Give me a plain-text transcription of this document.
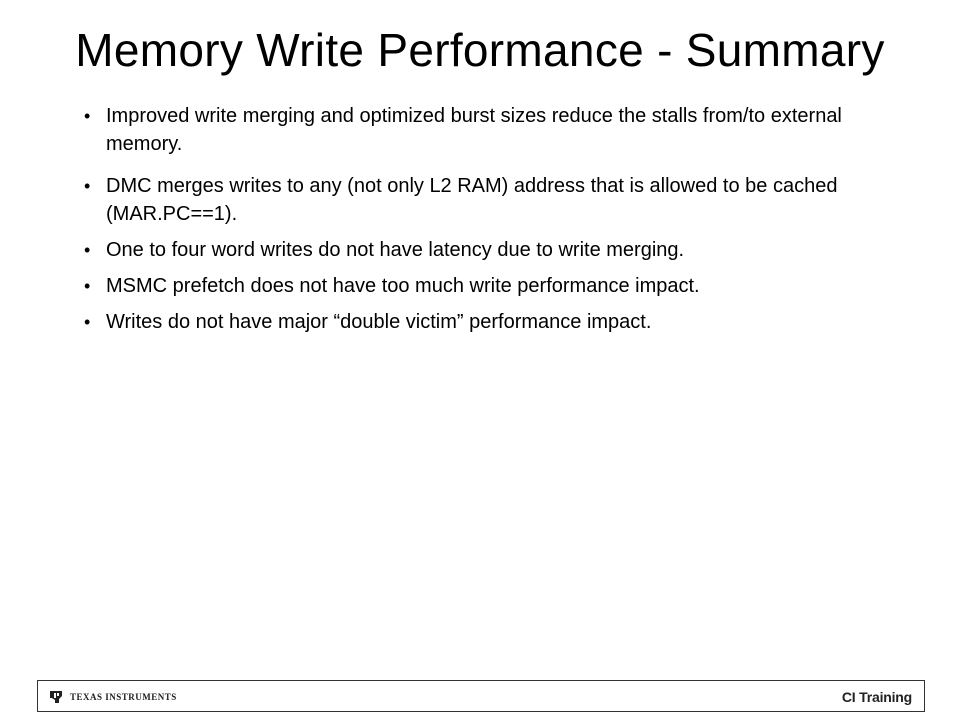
Memory Write Performance - Summary
• Improved write merging and optimized burst sizes reduce the stalls from/to external memory.
• DMC merges writes to any (not only L2 RAM) address that is allowed to be cached (MAR.PC==1).
• One to four word writes do not have latency due to write merging.
• MSMC prefetch does not have too much write performance impact.
• Writes do not have major “double victim” performance impact.
TEXAS INSTRUMENTS	CI Training
